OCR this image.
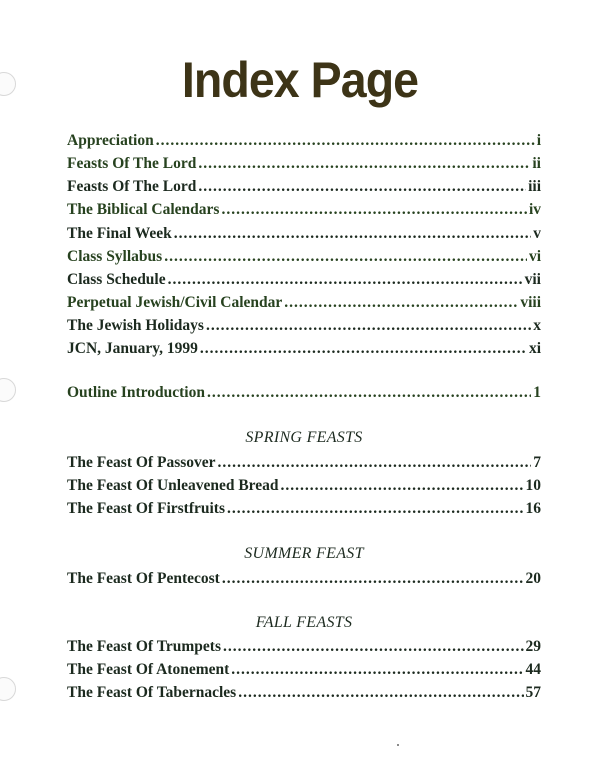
Index Page
Appreciation .....	i
Feasts Of The Lord .....	ii
Feasts Of The Lord .....	iii
The Biblical Calendars .....	iv
The Final Week .....	v
Class Syllabus .....	vi
Class Schedule .....	vii
Perpetual Jewish/Civil Calendar .....	viii
The Jewish Holidays .....	x
JCN, January, 1999 .....	xi
Outline Introduction .....	1
SPRING FEASTS
The Feast Of Passover .....	7
The Feast Of Unleavened Bread .....	10
The Feast Of Firstfruits .....	16
SUMMER FEAST
The Feast Of Pentecost .....	20
FALL FEASTS
The Feast Of Trumpets .....	29
The Feast Of Atonement .....	44
The Feast Of Tabernacles .....	57
